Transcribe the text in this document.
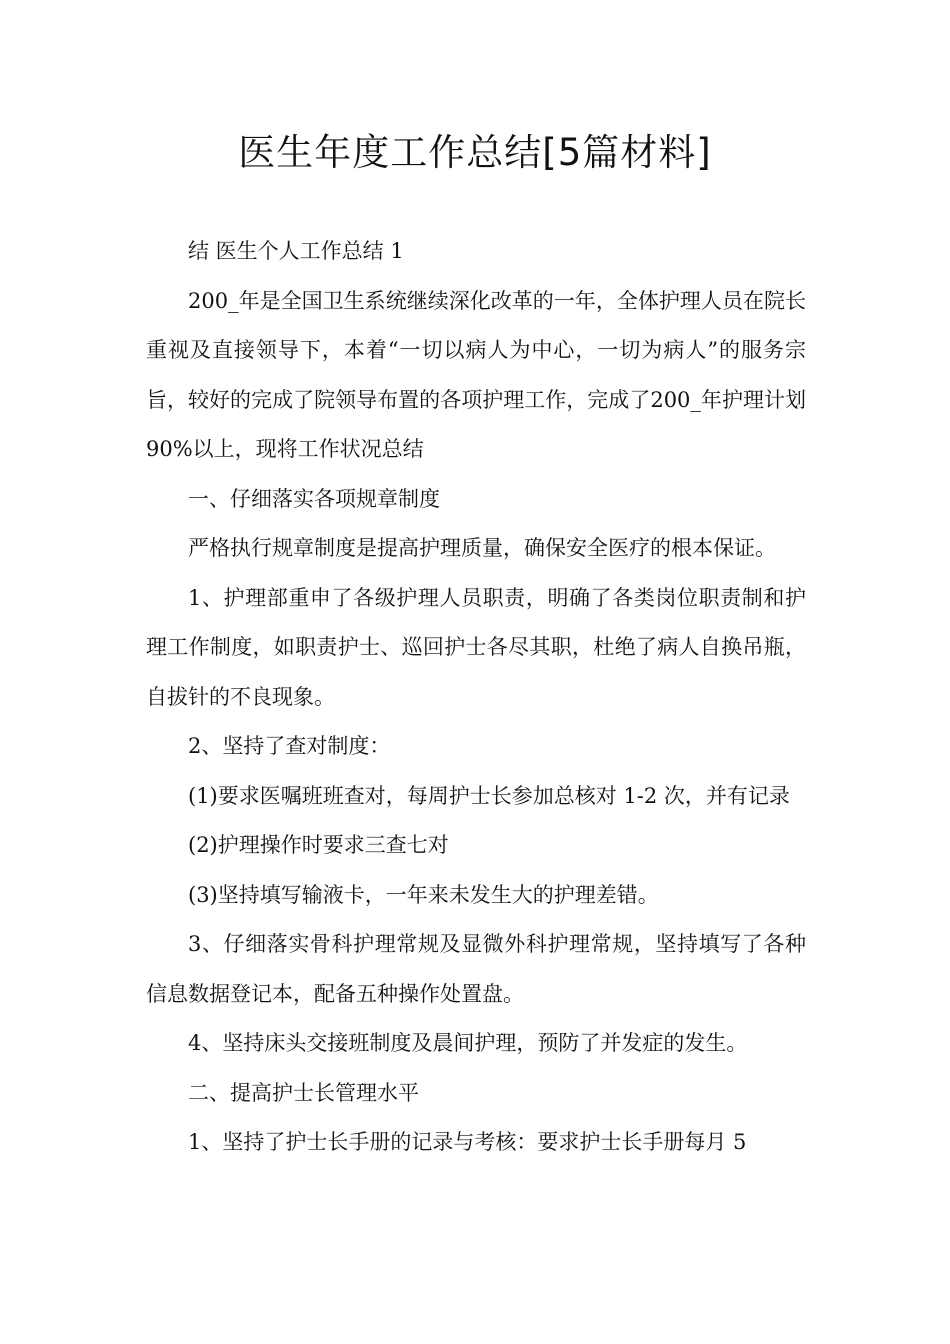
医生年度工作总结[5篇材料]

结 医生个人工作总结 1

200_年是全国卫生系统继续深化改革的一年，全体护理人员在院长重视及直接领导下，本着“一切以病人为中心，一切为病人”的服务宗旨，较好的完成了院领导布置的各项护理工作，完成了200_年护理计划 90%以上，现将工作状况总结

一、仔细落实各项规章制度

严格执行规章制度是提高护理质量，确保安全医疗的根本保证。

1、护理部重申了各级护理人员职责，明确了各类岗位职责制和护理工作制度，如职责护士、巡回护士各尽其职，杜绝了病人自换吊瓶，自拔针的不良现象。

2、坚持了查对制度：

(1)要求医嘱班班查对，每周护士长参加总核对 1-2 次，并有记录

(2)护理操作时要求三查七对

(3)坚持填写输液卡，一年来未发生大的护理差错。

3、仔细落实骨科护理常规及显微外科护理常规，坚持填写了各种信息数据登记本，配备五种操作处置盘。

4、坚持床头交接班制度及晨间护理，预防了并发症的发生。

二、提高护士长管理水平

1、坚持了护士长手册的记录与考核：要求护士长手册每月 5
